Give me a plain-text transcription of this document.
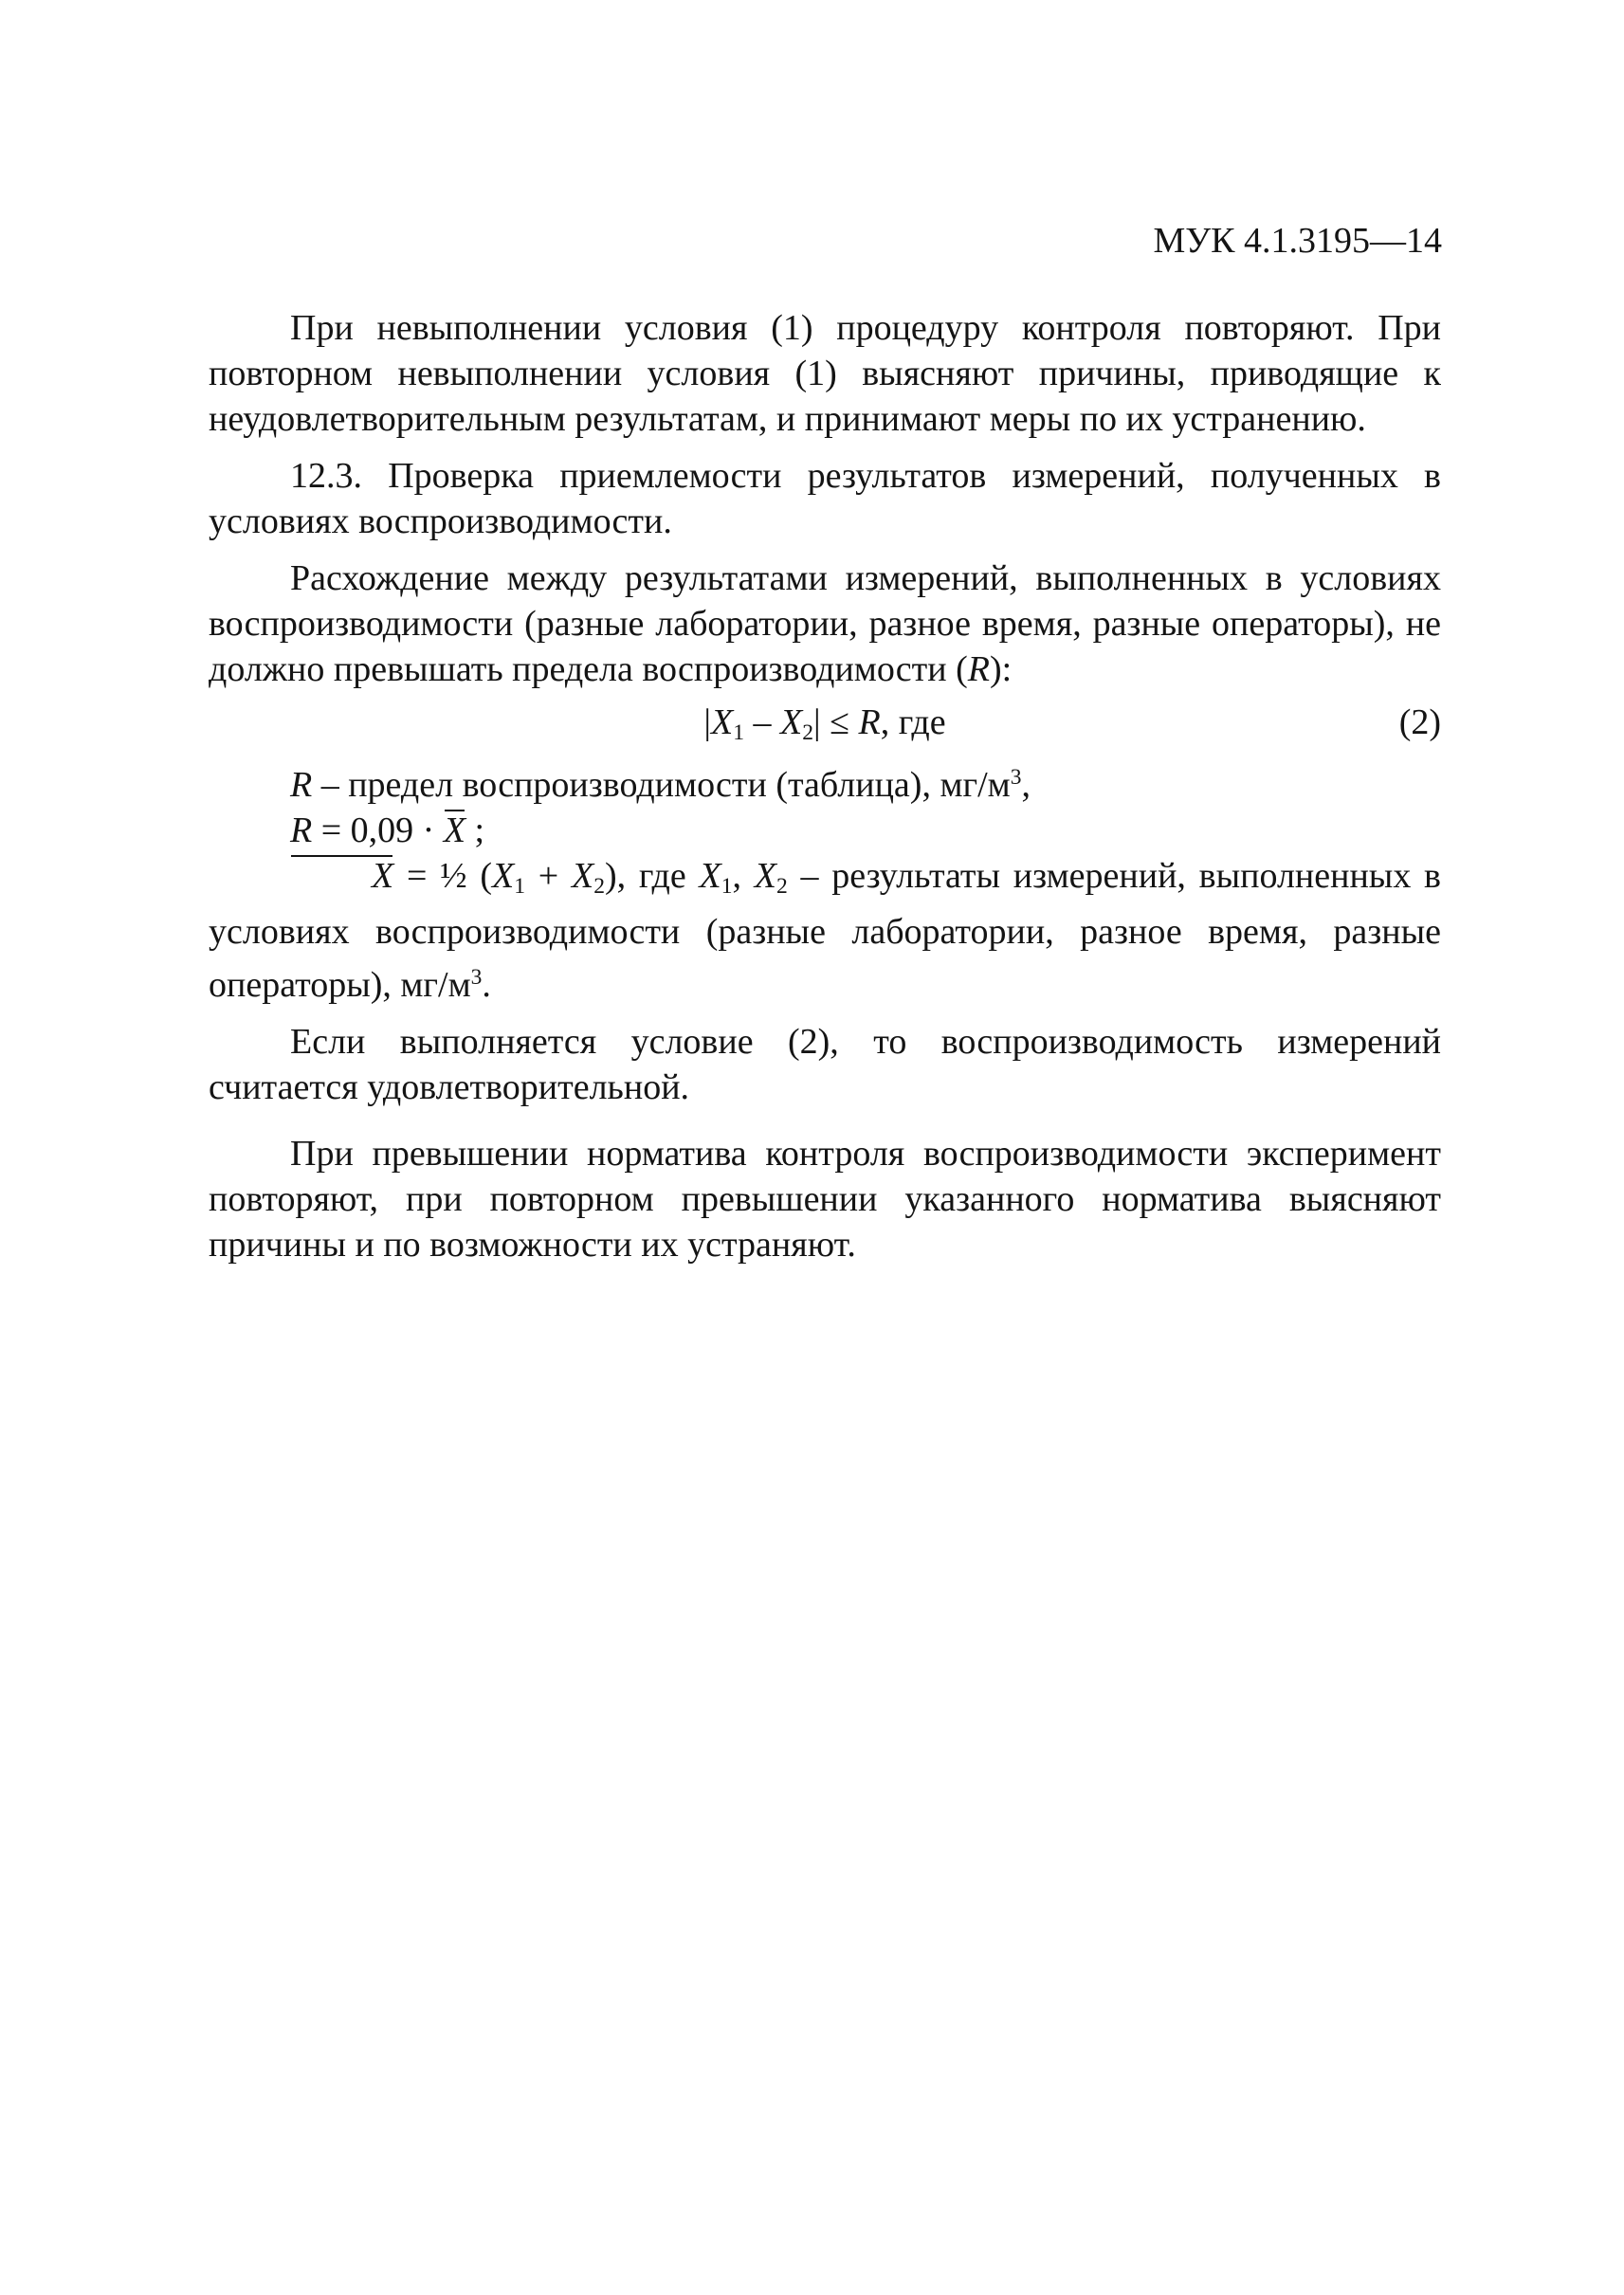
МУК 4.1.3195—14

При невыполнении условия (1) процедуру контроля повторяют. При повторном невыполнении условия (1) выясняют причины, приводящие к неудовлетворительным результатам, и принимают меры по их устранению.

12.3. Проверка приемлемости результатов измерений, полученных в условиях воспроизводимости.

Расхождение между результатами измерений, выполненных в условиях воспроизводимости (разные лаборатории, разное время, разные операторы), не должно превышать предела воспроизводимости (R):

$|X_1 - X_2| \le R$, где	(2)

R – предел воспроизводимости (таблица), $мг/м^3$,

R = 0,09 · X ;

X = ½ $(X_1 + X_2)$, где $X_1$, $X_2$ – результаты измерений, выполненных в условиях воспроизводимости (разные лаборатории, разное время, разные операторы), $мг/м^3$.

Если выполняется условие (2), то воспроизводимость измерений считается удовлетворительной.

При превышении норматива контроля воспроизводимости эксперимент повторяют, при повторном превышении указанного норматива выясняют причины и по возможности их устраняют.
